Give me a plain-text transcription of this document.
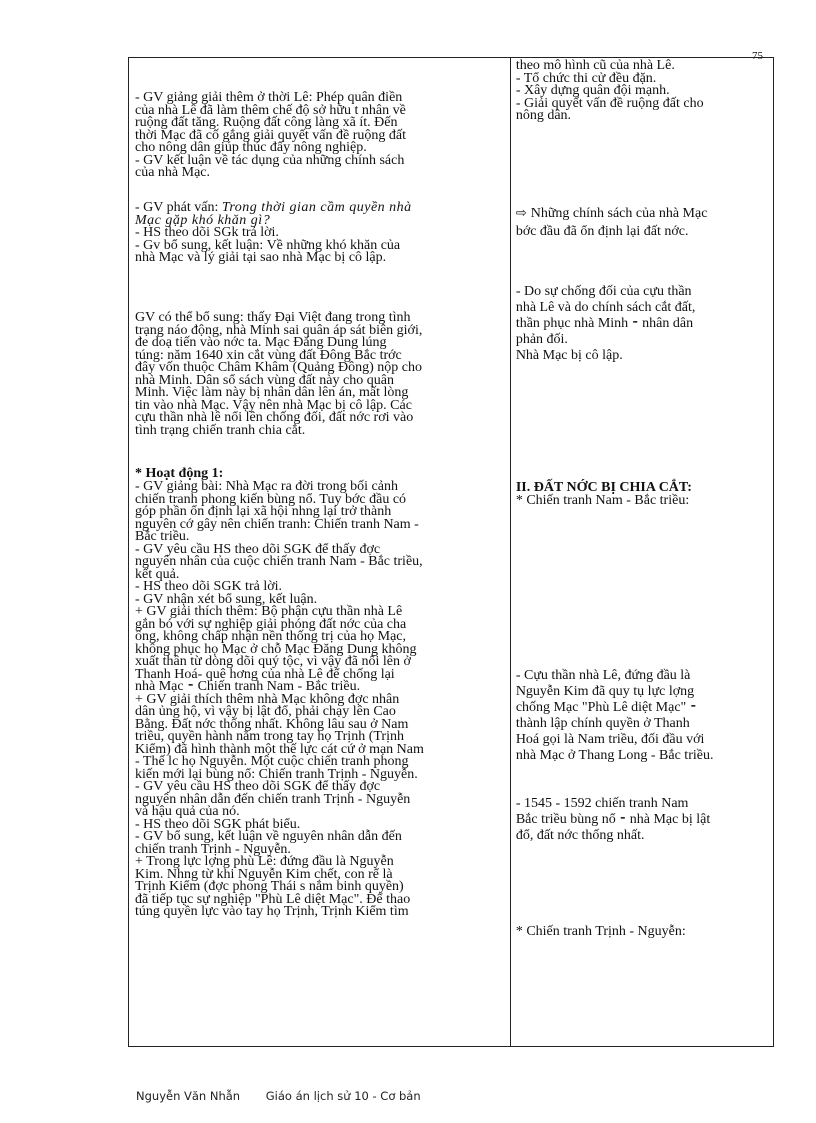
75

- GV giảng giải thêm ở thời Lê: Phép quân điền
của nhà Lê đã làm thêm chế độ sở hữu t nhân về
ruộng đất tăng. Ruộng đất công làng xã ít. Đến
thời Mạc đã cố gắng giải quyết vấn đề ruộng đất
cho nông dân giúp thúc đẩy nông nghiệp.
- GV kết luận về tác dụng của những chính sách
của nhà Mạc.

- GV phát vấn: Trong thời gian cầm quyền nhà
Mạc gặp khó khăn gì?
- HS theo dõi SGk trả lời.
- Gv bổ sung, kết luận: Về những khó khăn của
nhà Mạc và lý giải tại sao nhà Mạc bị cô lập.

GV có thể bổ sung: thấy Đại Việt đang trong tình
trạng náo động, nhà Minh sai quân áp sát biên giới,
đe doạ tiến vào nớc ta. Mạc Đăng Dung lúng
túng: năm 1640 xin cắt vùng đất Đông Bắc trớc
đây vốn thuộc Châm Khâm (Quảng Đông) nộp cho
nhà Minh. Dân sổ sách vùng đất này cho quân
Minh. Việc làm này bị nhân dân lên án, mất lòng
tin vào nhà Mạc. Vậy nên nhà Mạc bị cô lập. Các
cựu thần nhà lê nổi lên chống đối, đất nớc rơi vào
tình trạng chiến tranh chia cắt.

* Hoạt động 1:

- GV giảng bài: Nhà Mạc ra đời trong bối cảnh
chiến tranh phong kiến bùng nổ. Tuy bớc đầu có
góp phần ổn định lại xã hội nhng lại trở thành
nguyên cớ gây nên chiến tranh: Chiến tranh Nam -
Bắc triều.
- GV yêu cầu HS theo dõi SGK để thấy đợc
nguyên nhân của cuộc chiến tranh Nam - Bắc triều,
kết quả.
- HS theo dõi SGK trả lời.
- GV nhận xét bổ sung, kết luận.
+ GV giải thích thêm: Bộ phận cựu thần nhà Lê
gắn bó với sự nghiệp giải phóng đất nớc của cha
ông, không chấp nhận nền thống trị của họ Mạc,
không phục họ Mạc ở chỗ Mạc Đăng Dung không
xuất thân từ dòng dõi quý tộc, vì vậy đã nổi lên ở
Thanh Hoá- quê hơng của nhà Lê để chống lại
nhà Mạc ⁃ Chiến tranh Nam - Bắc triều.
+ GV giải thích thêm nhà Mạc không đợc nhân
dân ủng hộ, vì vậy bị lật đổ, phải chạy lên Cao
Bằng. Đất nớc thống nhất. Không lâu sau ở Nam
triều, quyền hành nằm trong tay họ Trịnh (Trịnh
Kiểm) đã hình thành một thế lực cát cứ ở mạn Nam
- Thế lc họ Nguyễn. Một cuộc chiến tranh phong
kiến mới lại bùng nổ: Chiến tranh Trịnh - Nguyễn.
- GV yêu cầu HS theo dõi SGK để thấy đợc
nguyên nhân dẫn đến chiến tranh Trịnh - Nguyễn
và hậu quả của nó.
- HS theo dõi SGK phát biểu.
- GV bổ sung, kết luận về nguyên nhân dẫn đến
chiến tranh Trịnh - Nguyễn.
+ Trong lực lợng phù Lê: đứng đầu là Nguyễn
Kim. Nhng từ khi Nguyễn Kim chết, con rể là
Trịnh Kiểm (đợc phong Thái s nắm binh quyền)
đã tiếp tục sự nghiệp "Phù Lê diệt Mạc". Để thao
túng quyền lực vào tay họ Trịnh, Trịnh Kiểm tìm

theo mô hình cũ của nhà Lê.
- Tổ chức thi cử đều đặn.
- Xây dựng quân đội mạnh.
- Giải quyết vấn đề ruộng đất cho
nông dân.

⇨ Những chính sách của nhà Mạc
bớc đầu đã ổn định lại đất nớc.

- Do sự chống đối của cựu thần
nhà Lê và do chính sách cắt đất,
thần phục nhà Minh ⁃ nhân dân
phản đối.
Nhà Mạc bị cô lập.

II. ĐẤT NỚC BỊ CHIA CẮT:
* Chiến tranh Nam - Bắc triều:

- Cựu thần nhà Lê, đứng đầu là
Nguyễn Kim đã quy tụ lực lợng
chống Mạc "Phù Lê diệt Mạc" ⁃
thành lập chính quyền ở Thanh
Hoá gọi là Nam triều, đối đầu với
nhà Mạc ở Thang Long - Bắc triều.

- 1545 - 1592 chiến tranh Nam
Bắc triều bùng nổ ⁃ nhà Mạc bị lật
đổ, đất nớc thống nhất.

* Chiến tranh Trịnh - Nguyễn:

Nguyễn Văn Nhẫn Giáo án lịch sử 10 - Cơ bản
